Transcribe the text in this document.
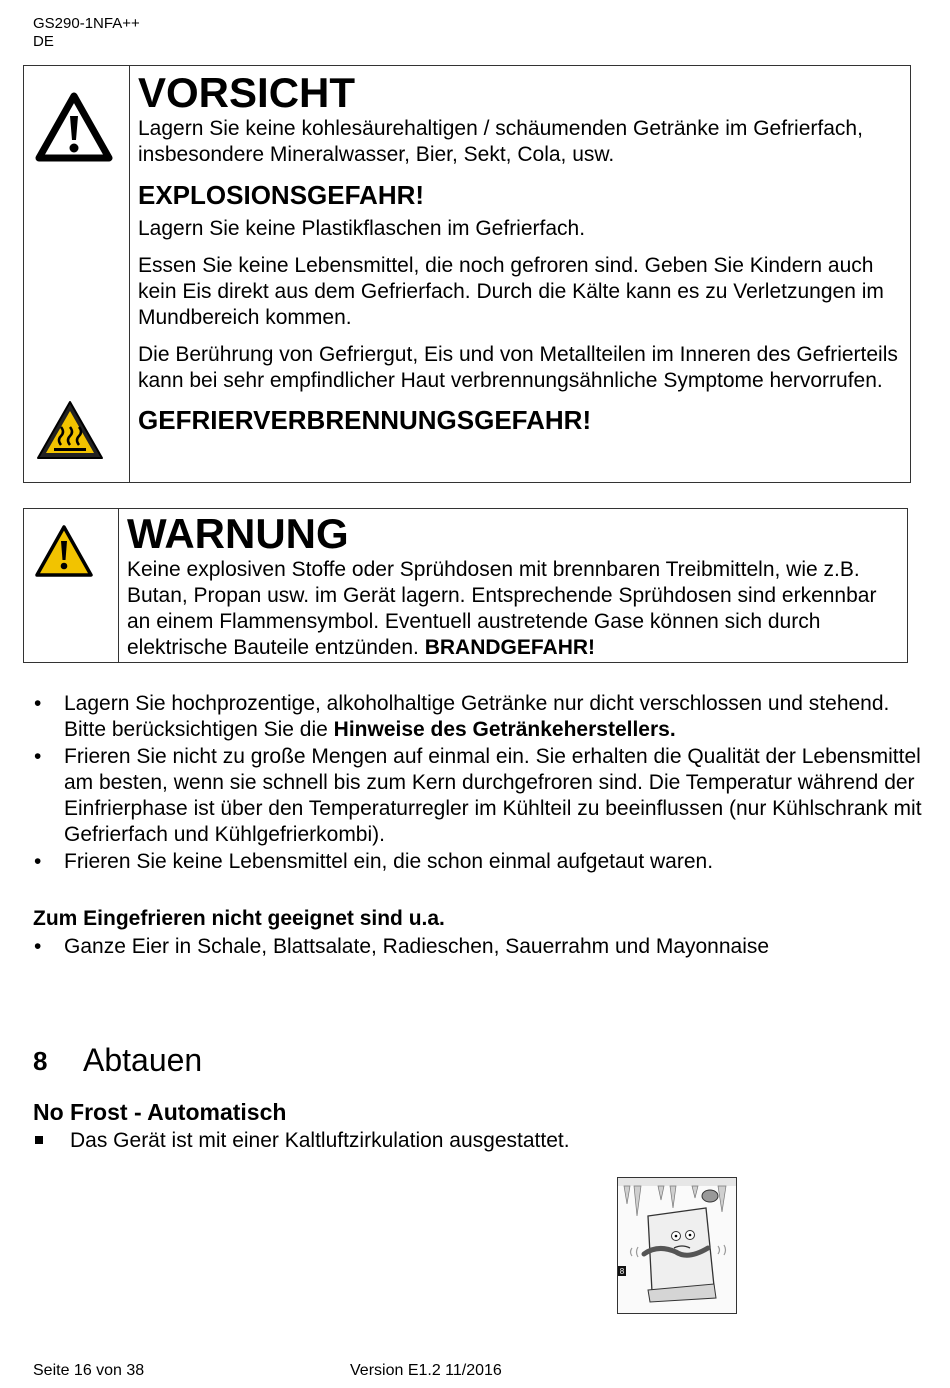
GS290-1NFA++
DE
VORSICHT
Lagern Sie keine kohlesäurehaltigen / schäumenden Getränke im Gefrierfach, insbesondere Mineralwasser, Bier, Sekt, Cola, usw.
EXPLOSIONSGEFAHR!
Lagern Sie keine Plastikflaschen im Gefrierfach.
Essen Sie keine Lebensmittel, die noch gefroren sind. Geben Sie Kindern auch kein Eis direkt aus dem Gefrierfach. Durch die Kälte kann es zu Verletzungen im Mundbereich kommen.
Die Berührung von Gefriergut, Eis und von Metallteilen im Inneren des Gefrierteils kann bei sehr empfindlicher Haut verbrennungsähnliche Symptome hervorrufen.
GEFRIERVERBRENNUNGSGEFAHR!
WARNUNG
Keine explosiven Stoffe oder Sprühdosen mit brennbaren Treibmitteln, wie z.B. Butan, Propan usw. im Gerät lagern. Entsprechende Sprühdosen sind erkennbar an einem Flammensymbol. Eventuell austretende Gase können sich durch elektrische Bauteile entzünden. BRANDGEFAHR!
• Lagern Sie hochprozentige, alkoholhaltige Getränke nur dicht verschlossen und stehend. Bitte berücksichtigen Sie die Hinweise des Getränkeherstellers.
• Frieren Sie nicht zu große Mengen auf einmal ein. Sie erhalten die Qualität der Lebensmittel am besten, wenn sie schnell bis zum Kern durchgefroren sind. Die Temperatur während der Einfrierphase ist über den Temperaturregler im Kühlteil zu beeinflussen (nur Kühlschrank mit Gefrierfach und Kühlgefrierkombi).
• Frieren Sie keine Lebensmittel ein, die schon einmal aufgetaut waren.
Zum Eingefrieren nicht geeignet sind u.a.
• Ganze Eier in Schale, Blattsalate, Radieschen, Sauerrahm und Mayonnaise
8 Abtauen
No Frost - Automatisch
Das Gerät ist mit einer Kaltluftzirkulation ausgestattet.
8
Seite 16 von 38	Version E1.2 11/2016
